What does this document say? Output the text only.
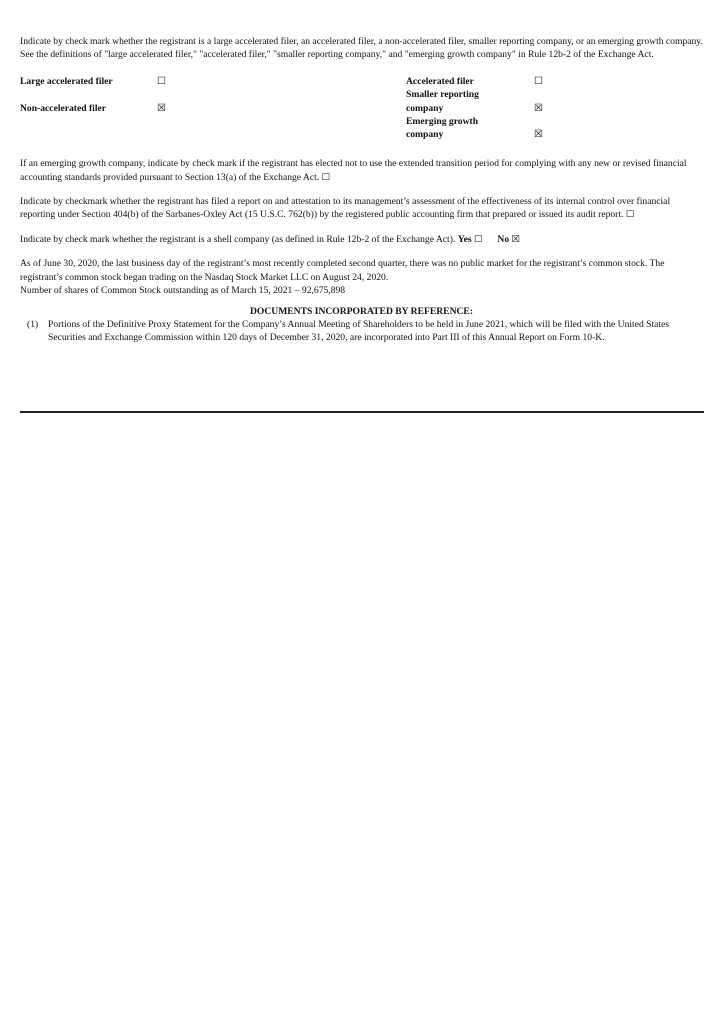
Indicate by check mark whether the registrant is a large accelerated filer, an accelerated filer, a non-accelerated filer, smaller reporting company, or an emerging growth company. See the definitions of "large accelerated filer," "accelerated filer," "smaller reporting company," and "emerging growth company" in Rule 12b-2 of the Exchange Act.

Large accelerated filer	☐
Non-accelerated filer	☒
Accelerated filer	☐
Smaller reporting
company	☒
Emerging growth
company	☒

If an emerging growth company, indicate by check mark if the registrant has elected not to use the extended transition period for complying with any new or revised financial accounting standards provided pursuant to Section 13(a) of the Exchange Act. ☐

Indicate by checkmark whether the registrant has filed a report on and attestation to its management’s assessment of the effectiveness of its internal control over financial reporting under Section 404(b) of the Sarbanes-Oxley Act (15 U.S.C. 762(b)) by the registered public accounting firm that prepared or issued its audit report. ☐

Indicate by check mark whether the registrant is a shell company (as defined in Rule 12b-2 of the Exchange Act). Yes ☐ No ☒

As of June 30, 2020, the last business day of the registrant’s most recently completed second quarter, there was no public market for the registrant’s common stock. The registrant’s common stock began trading on the Nasdaq Stock Market LLC on August 24, 2020.

Number of shares of Common Stock outstanding as of March 15, 2021 – 92,675,898

DOCUMENTS INCORPORATED BY REFERENCE:

(1) Portions of the Definitive Proxy Statement for the Company’s Annual Meeting of Shareholders to be held in June 2021, which will be filed with the United States Securities and Exchange Commission within 120 days of December 31, 2020, are incorporated into Part III of this Annual Report on Form 10-K.
